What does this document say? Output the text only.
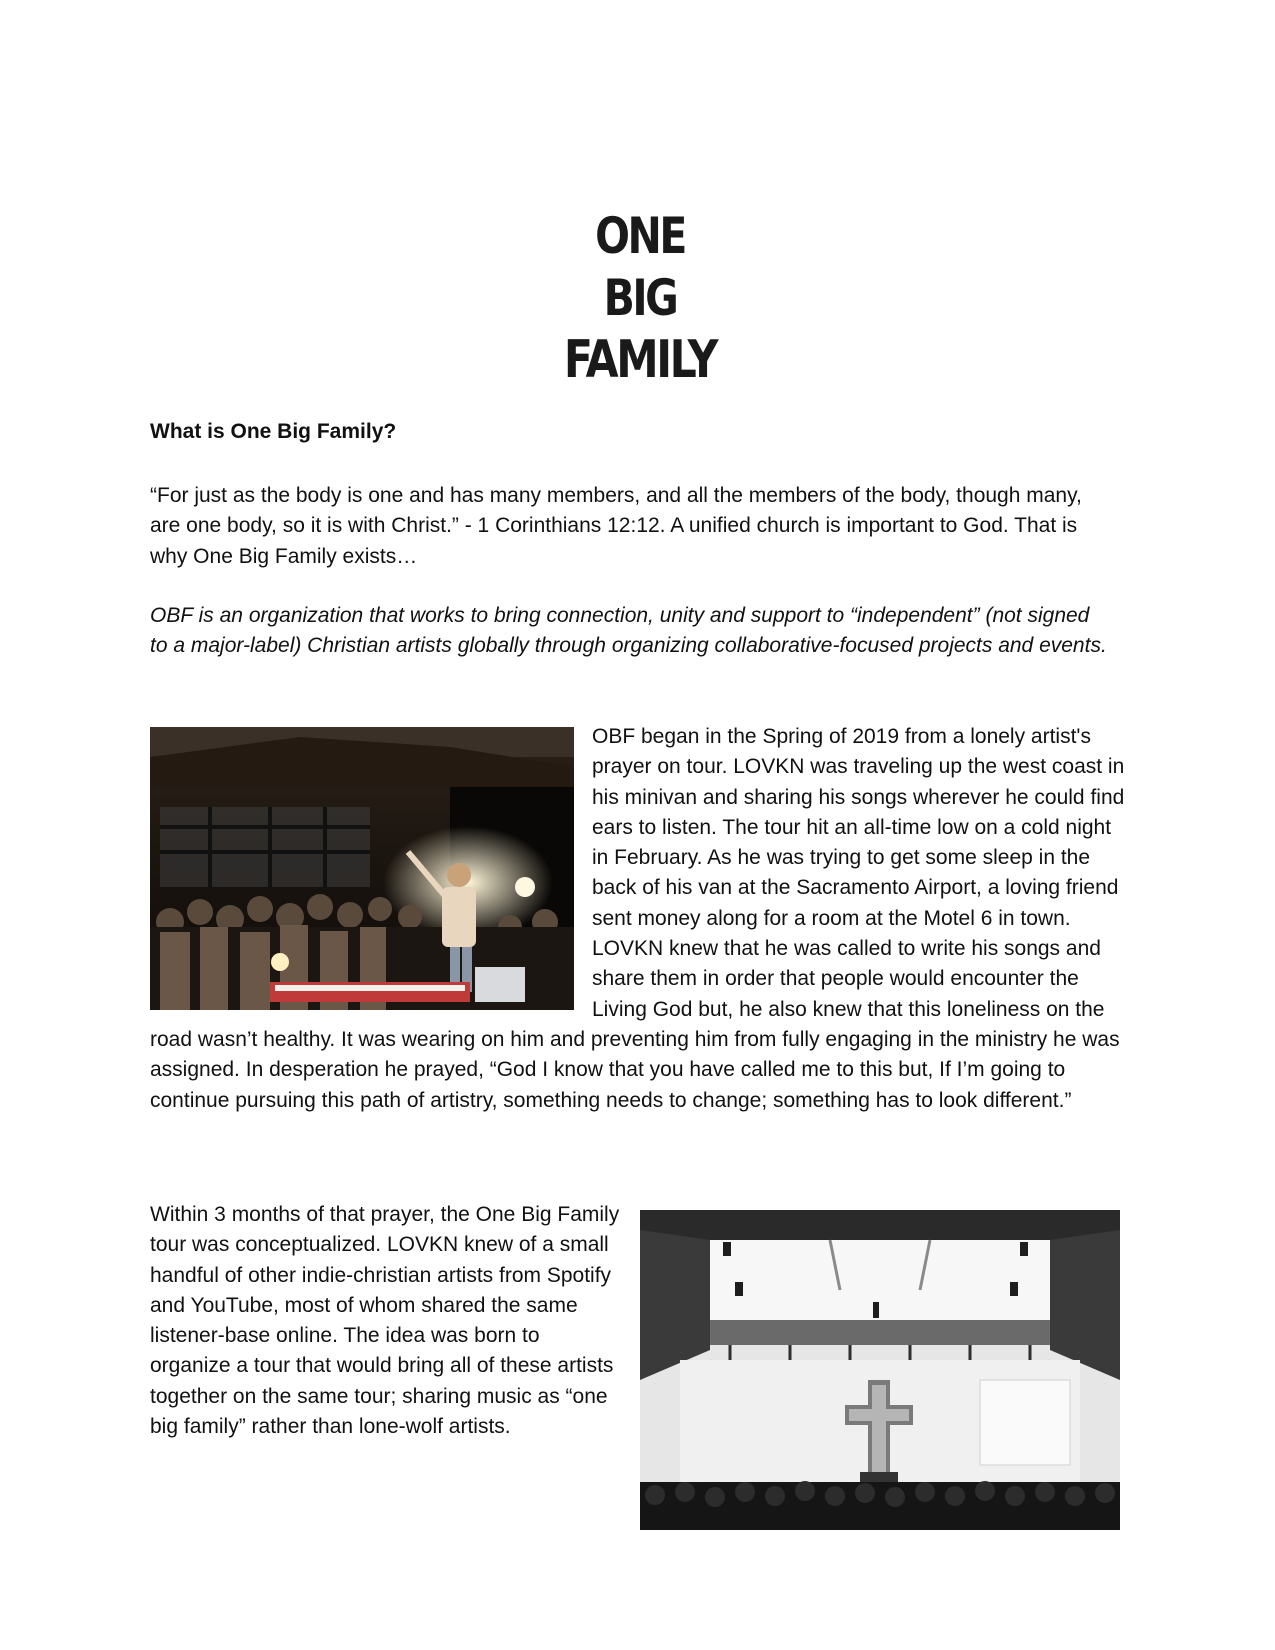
ONE BIG
FAMILY
What is One Big Family?

“For just as the body is one and has many members, and all the members of the body, though many, are one body, so it is with Christ.” - 1 Corinthians 12:12. A unified church is important to God. That is why One Big Family exists…

OBF is an organization that works to bring connection, unity and support to “independent” (not signed to a major-label) Christian artists globally through organizing collaborative-focused projects and events.

OBF began in the Spring of 2019 from a lonely artist's prayer on tour. LOVKN was traveling up the west coast in his minivan and sharing his songs wherever he could find ears to listen. The tour hit an all-time low on a cold night in February. As he was trying to get some sleep in the back of his van at the Sacramento Airport, a loving friend sent money along for a room at the Motel 6 in town. LOVKN knew that he was called to write his songs and share them in order that people would encounter the Living God but, he also knew that this loneliness on the road wasn’t healthy. It was wearing on him and preventing him from fully engaging in the ministry he was assigned. In desperation he prayed, “God I know that you have called me to this but, If I’m going to continue pursuing this path of artistry, something needs to change; something has to look different.”

Within 3 months of that prayer, the One Big Family tour was conceptualized. LOVKN knew of a small handful of other indie-christian artists from Spotify and YouTube, most of whom shared the same listener-base online. The idea was born to organize a tour that would bring all of these artists together on the same tour; sharing music as “one big family” rather than lone-wolf artists.
